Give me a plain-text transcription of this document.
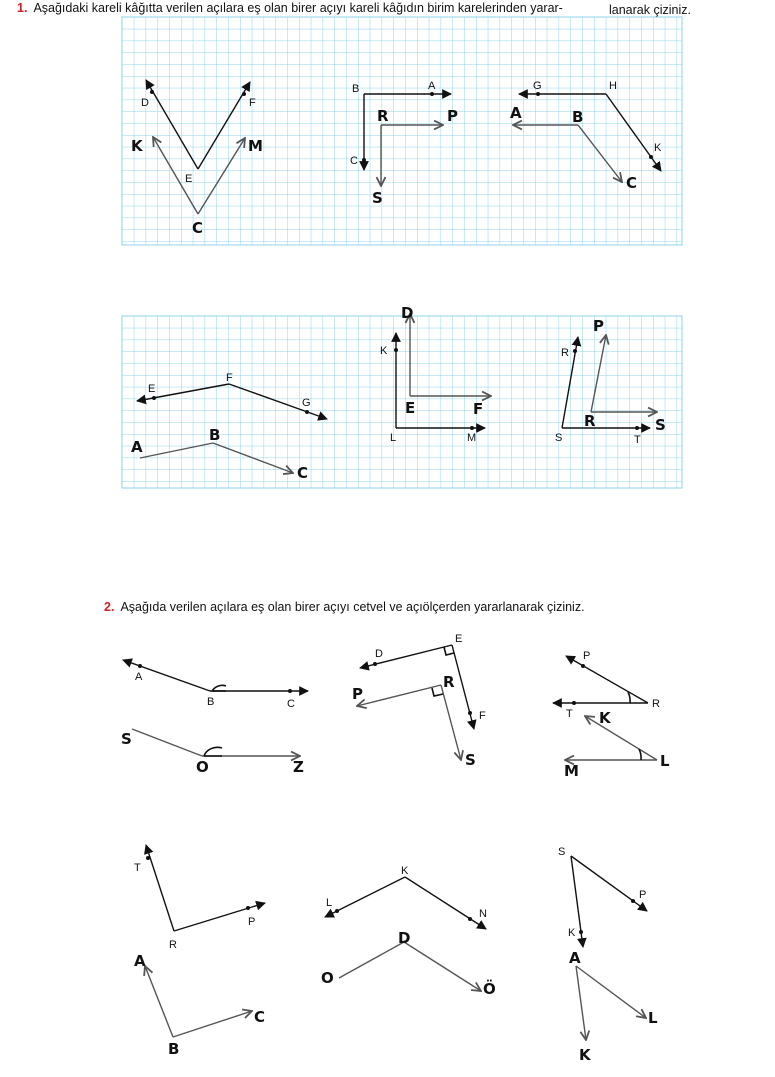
1. Aşağıdaki kareli kâğıtta verilen açılara eş olan birer açıyı kareli kâğıdın birim karelerinden yarar-	lanarak çiziniz.
2. Aşağıda verilen açılara eş olan birer açıyı cetvel ve açıölçerden yararlanarak çiziniz.
D	F
E
K	M
C
B	A
C
R	P
S
G	H
K
A	B
C
E
F
G
A
B
C
K
L	M
D
E	F
R
S	T
P
R	S
A
B	C
S
O	Z
D
E
F
P
R
S
P
R
T K
L
M
T
R
P
A
B
C
L
K
N
O
D
Ö
S
P
K
A
L
K
